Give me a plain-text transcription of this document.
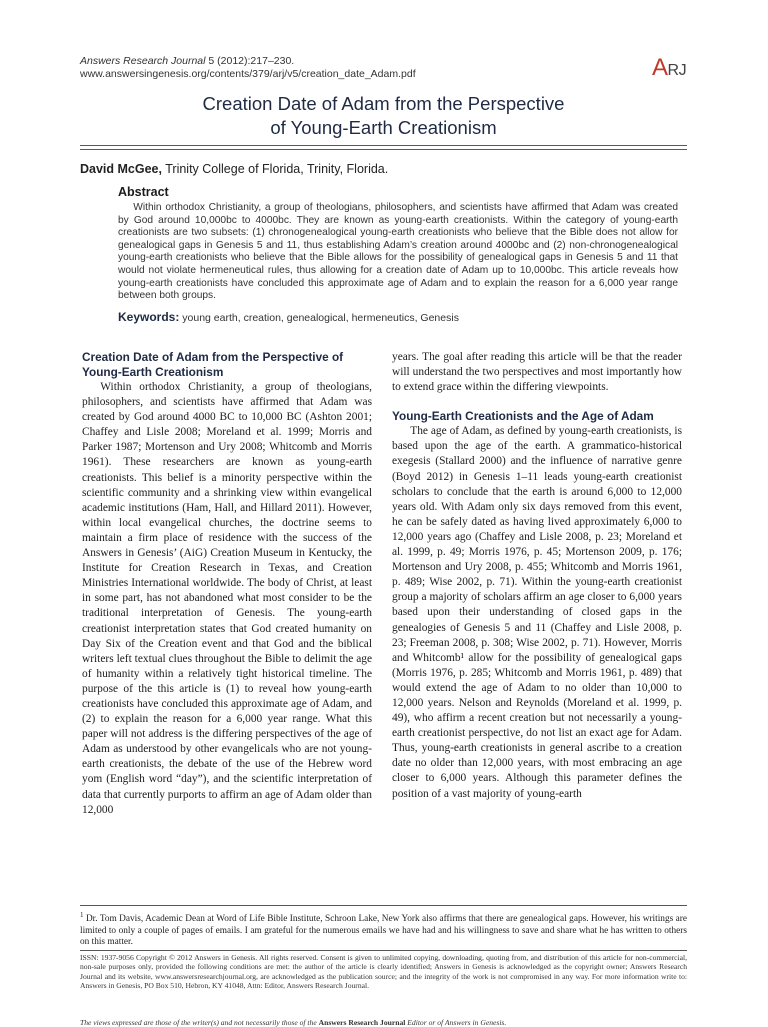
Answers Research Journal 5 (2012):217–230.
www.answersingenesis.org/contents/379/arj/v5/creation_date_Adam.pdf	ARJ
Creation Date of Adam from the Perspective
of Young-Earth Creationism
David McGee, Trinity College of Florida, Trinity, Florida.
Abstract
Within orthodox Christianity, a group of theologians, philosophers, and scientists have affirmed that Adam was created by God around 10,000bc to 4000bc. They are known as young-earth creationists. Within the category of young-earth creationists are two subsets: (1) chronogenealogical young-earth creationists who believe that the Bible does not allow for genealogical gaps in Genesis 5 and 11, thus establishing Adam’s creation around 4000bc and (2) non-chronogenealogical young-earth creationists who believe that the Bible allows for the possibility of genealogical gaps in Genesis 5 and 11 that would not violate hermeneutical rules, thus allowing for a creation date of Adam up to 10,000bc. This article reveals how young-earth creationists have concluded this approximate age of Adam and to explain the reason for a 6,000 year range between both groups.
Keywords: young earth, creation, genealogical, hermeneutics, Genesis
Creation Date of Adam from the Perspective of Young-Earth Creationism

Within orthodox Christianity, a group of theologians, philosophers, and scientists have affirmed that Adam was created by God around 4000 BC to 10,000 BC (Ashton 2001; Chaffey and Lisle 2008; Moreland et al. 1999; Morris and Parker 1987; Mortenson and Ury 2008; Whitcomb and Morris 1961). These researchers are known as young-earth creationists. This belief is a minority perspective within the scientific community and a shrinking view within evangelical academic institutions (Ham, Hall, and Hillard 2011). However, within local evangelical churches, the doctrine seems to maintain a firm place of residence with the success of the Answers in Genesis’ (AiG) Creation Museum in Kentucky, the Institute for Creation Research in Texas, and Creation Ministries International worldwide. The body of Christ, at least in some part, has not abandoned what most consider to be the traditional interpretation of Genesis. The young-earth creationist interpretation states that God created humanity on Day Six of the Creation event and that God and the biblical writers left textual clues throughout the Bible to delimit the age of humanity within a relatively tight historical timeline. The purpose of the this article is (1) to reveal how young-earth creationists have concluded this approximate age of Adam, and (2) to explain the reason for a 6,000 year range. What this paper will not address is the differing perspectives of the age of Adam as understood by other evangelicals who are not young-earth creationists, the debate of the use of the Hebrew word yom (English word “day”), and the scientific interpretation of data that currently purports to affirm an age of Adam older than 12,000

years. The goal after reading this article will be that the reader will understand the two perspectives and most importantly how to extend grace within the differing viewpoints.

Young-Earth Creationists and the Age of Adam

The age of Adam, as defined by young-earth creationists, is based upon the age of the earth. A grammatico-historical exegesis (Stallard 2000) and the influence of narrative genre (Boyd 2012) in Genesis 1–11 leads young-earth creationist scholars to conclude that the earth is around 6,000 to 12,000 years old. With Adam only six days removed from this event, he can be safely dated as having lived approximately 6,000 to 12,000 years ago (Chaffey and Lisle 2008, p. 23; Moreland et al. 1999, p. 49; Morris 1976, p. 45; Mortenson 2009, p. 176; Mortenson and Ury 2008, p. 455; Whitcomb and Morris 1961, p. 489; Wise 2002, p. 71). Within the young-earth creationist group a majority of scholars affirm an age closer to 6,000 years based upon their understanding of closed gaps in the genealogies of Genesis 5 and 11 (Chaffey and Lisle 2008, p. 23; Freeman 2008, p. 308; Wise 2002, p. 71). However, Morris and Whitcomb¹ allow for the possibility of genealogical gaps (Morris 1976, p. 285; Whitcomb and Morris 1961, p. 489) that would extend the age of Adam to no older than 10,000 to 12,000 years. Nelson and Reynolds (Moreland et al. 1999, p. 49), who affirm a recent creation but not necessarily a young-earth creationist perspective, do not list an exact age for Adam. Thus, young-earth creationists in general ascribe to a creation date no older than 12,000 years, with most embracing an age closer to 6,000 years. Although this parameter defines the position of a vast majority of young-earth

$^1$ Dr. Tom Davis, Academic Dean at Word of Life Bible Institute, Schroon Lake, New York also affirms that there are genealogical gaps. However, his writings are limited to only a couple of pages of emails. I am grateful for the numerous emails we have had and his willingness to save and share what he has written to others on this matter.
ISSN: 1937-9056 Copyright © 2012 Answers in Genesis. All rights reserved. Consent is given to unlimited copying, downloading, quoting from, and distribution of this article for non-commercial, non-sale purposes only, provided the following conditions are met: the author of the article is clearly identified; Answers in Genesis is acknowledged as the copyright owner; Answers Research Journal and its website, www.answersresearchjournal.org, are acknowledged as the publication source; and the integrity of the work is not compromised in any way. For more information write to: Answers in Genesis, PO Box 510, Hebron, KY 41048, Attn: Editor, Answers Research Journal.
The views expressed are those of the writer(s) and not necessarily those of the Answers Research Journal Editor or of Answers in Genesis.
